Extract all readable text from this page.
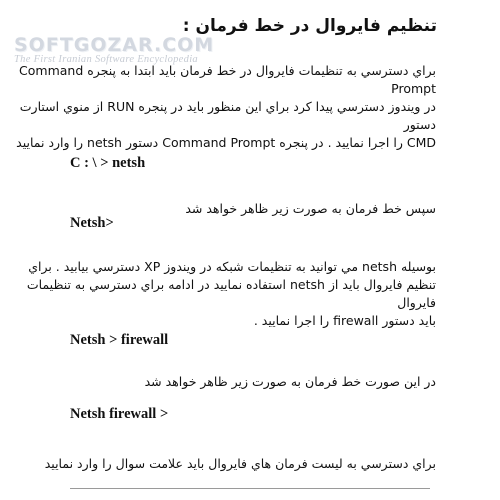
SOFTGOZAR.COM
The First Iranian Software Encyclopedia
تنظیم فایروال در خط فرمان :
براي دسترسي به تنظيمات فايروال در خط فرمان بايد ابتدا به پنجره Command Prompt
در ويندوز دسترسي پيدا كرد براي اين منظور بايد در پنجره RUN از منوي استارت دستور
CMD را اجرا نماييد . در پنجره Command Prompt دستور netsh را وارد نماييد
C : \ > netsh
سپس خط فرمان به صورت زير ظاهر خواهد شد
Netsh>
بوسيله netsh مي توانيد به تنظيمات شبكه در ويندوز XP دسترسي بيابيد . براي
تنظيم فايروال بايد از netsh استفاده نماييد در ادامه براي دسترسي به تنظيمات فايروال
بايد دستور firewall را اجرا نماييد .
Netsh > firewall
در اين صورت خط فرمان به صورت زير ظاهر خواهد شد
Netsh firewall >
براي دسترسي به ليست فرمان هاي فايروال بايد علامت سوال را وارد نماييد
